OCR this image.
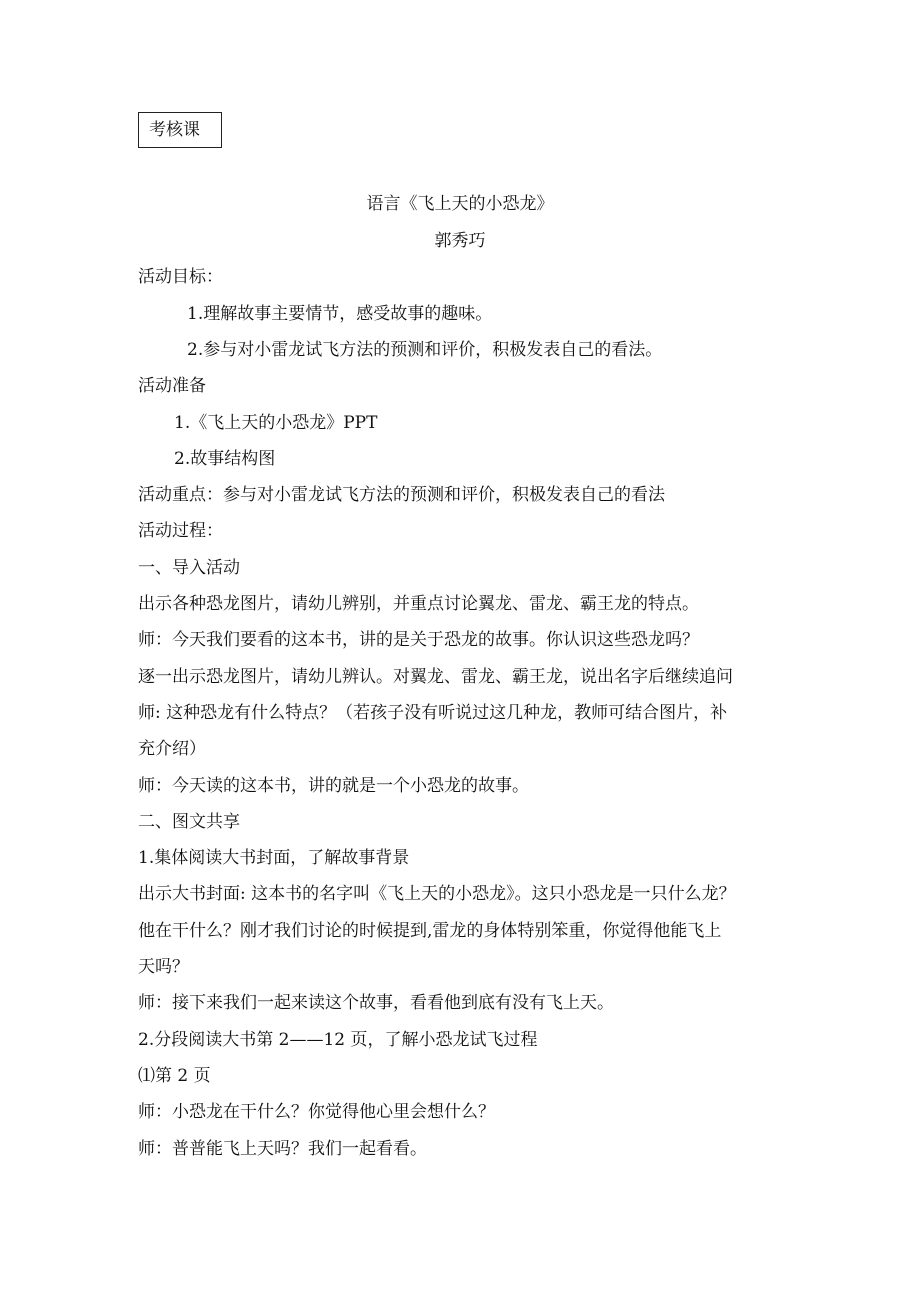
考核课
语言《飞上天的小恐龙》
郭秀巧
活动目标：
1.理解故事主要情节，感受故事的趣味。
2.参与对小雷龙试飞方法的预测和评价，积极发表自己的看法。
活动准备
1.《飞上天的小恐龙》PPT
2.故事结构图
活动重点：参与对小雷龙试飞方法的预测和评价，积极发表自己的看法
活动过程：
一、导入活动
出示各种恐龙图片，请幼儿辨别，并重点讨论翼龙、雷龙、霸王龙的特点。
师：今天我们要看的这本书，讲的是关于恐龙的故事。你认识这些恐龙吗？
逐一出示恐龙图片，请幼儿辨认。对翼龙、雷龙、霸王龙，说出名字后继续追问
师: 这种恐龙有什么特点？（若孩子没有听说过这几种龙，教师可结合图片，补
充介绍）
师：今天读的这本书，讲的就是一个小恐龙的故事。
二、图文共享
1.集体阅读大书封面，了解故事背景
出示大书封面: 这本书的名字叫《飞上天的小恐龙》。这只小恐龙是一只什么龙？
他在干什么？刚才我们讨论的时候提到,雷龙的身体特别笨重，你觉得他能飞上
天吗？
师：接下来我们一起来读这个故事，看看他到底有没有飞上天。
2.分段阅读大书第 2——12 页，了解小恐龙试飞过程
⑴第 2 页
师：小恐龙在干什么？你觉得他心里会想什么？
师：普普能飞上天吗？我们一起看看。
